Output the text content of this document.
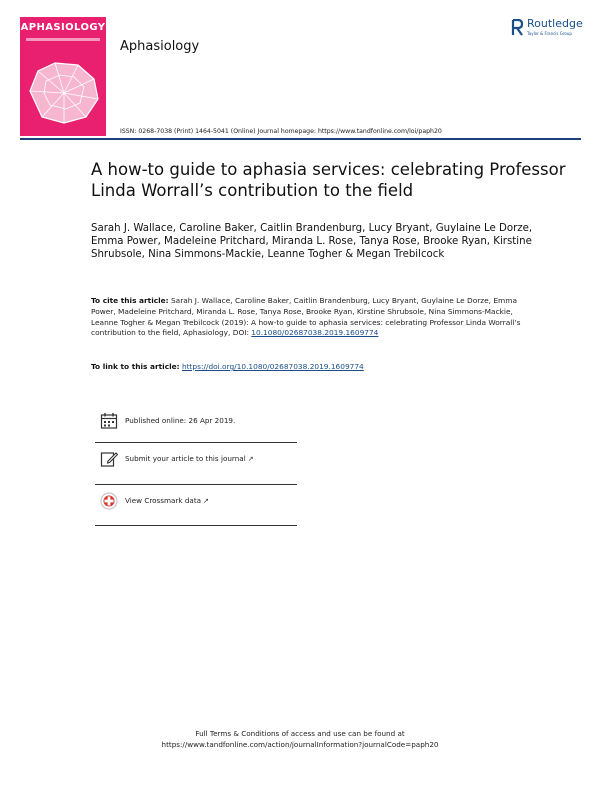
APHASIOLOGY
Aphasiology
Routledge
Taylor & Francis Group
ISSN: 0268-7038 (Print) 1464-5041 (Online) Journal homepage: https://www.tandfonline.com/loi/paph20
A how-to guide to aphasia services: celebrating Professor Linda Worrall’s contribution to the field
Sarah J. Wallace, Caroline Baker, Caitlin Brandenburg, Lucy Bryant, Guylaine Le Dorze, Emma Power, Madeleine Pritchard, Miranda L. Rose, Tanya Rose, Brooke Ryan, Kirstine Shrubsole, Nina Simmons-Mackie, Leanne Togher & Megan Trebilcock
To cite this article: Sarah J. Wallace, Caroline Baker, Caitlin Brandenburg, Lucy Bryant, Guylaine Le Dorze, Emma Power, Madeleine Pritchard, Miranda L. Rose, Tanya Rose, Brooke Ryan, Kirstine Shrubsole, Nina Simmons-Mackie, Leanne Togher & Megan Trebilcock (2019): A how-to guide to aphasia services: celebrating Professor Linda Worrall’s contribution to the field, Aphasiology, DOI: 10.1080/02687038.2019.1609774
To link to this article: https://doi.org/10.1080/02687038.2019.1609774
Published online: 26 Apr 2019.
Submit your article to this journal ↗
View Crossmark data ↗
Full Terms & Conditions of access and use can be found at
https://www.tandfonline.com/action/journalInformation?journalCode=paph20
